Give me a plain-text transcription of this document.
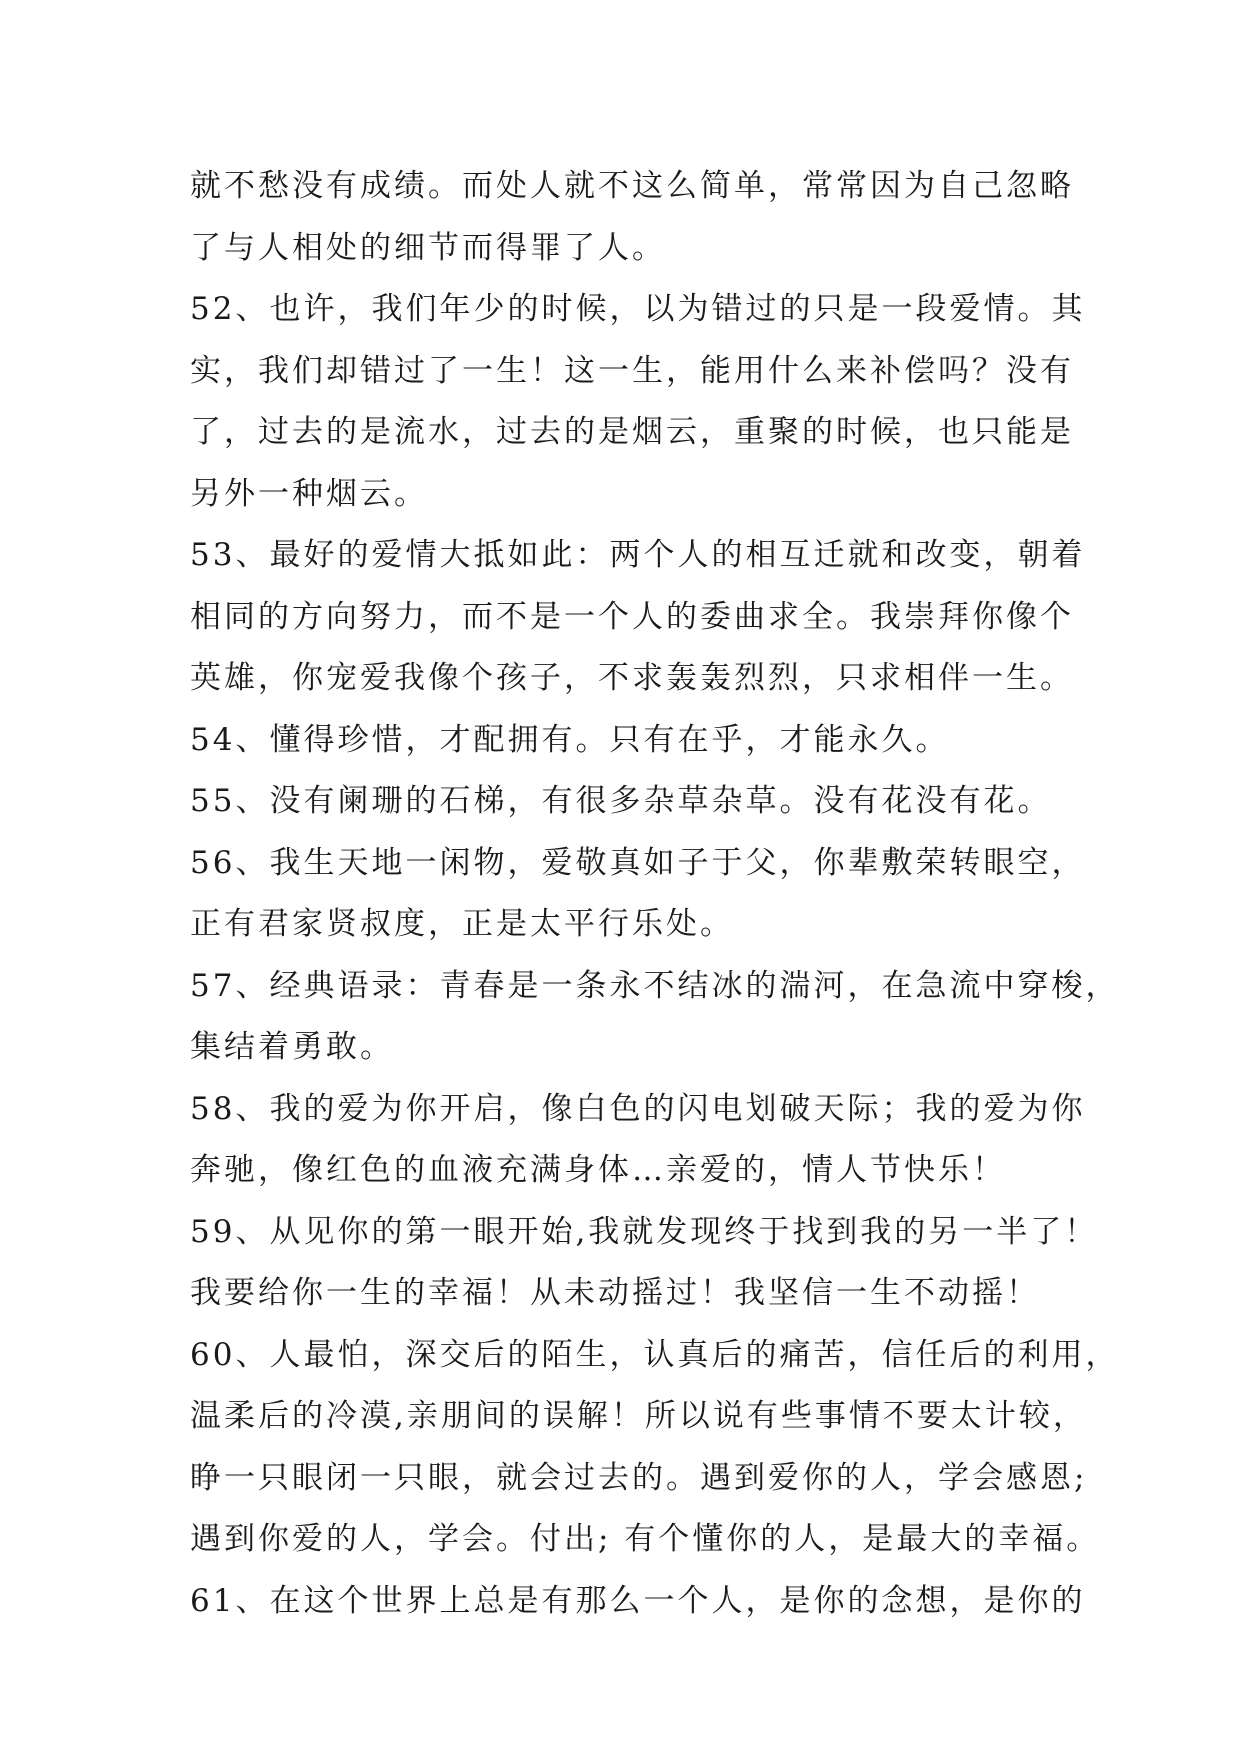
就不愁没有成绩。而处人就不这么简单，常常因为自己忽略
了与人相处的细节而得罪了人。
52、也许，我们年少的时候，以为错过的只是一段爱情。其
实，我们却错过了一生！这一生，能用什么来补偿吗？没有
了，过去的是流水，过去的是烟云，重聚的时候，也只能是
另外一种烟云。
53、最好的爱情大抵如此：两个人的相互迁就和改变，朝着
相同的方向努力，而不是一个人的委曲求全。我崇拜你像个
英雄，你宠爱我像个孩子，不求轰轰烈烈，只求相伴一生。
54、懂得珍惜，才配拥有。只有在乎，才能永久。
55、没有阑珊的石梯，有很多杂草杂草。没有花没有花。
56、我生天地一闲物，爱敬真如子于父，你辈敷荣转眼空，
正有君家贤叔度，正是太平行乐处。
57、经典语录：青春是一条永不结冰的湍河，在急流中穿梭，
集结着勇敢。
58、我的爱为你开启，像白色的闪电划破天际；我的爱为你
奔驰，像红色的血液充满身体…亲爱的，情人节快乐！
59、从见你的第一眼开始,我就发现终于找到我的另一半了！
我要给你一生的幸福！从未动摇过！我坚信一生不动摇！
60、人最怕，深交后的陌生，认真后的痛苦，信任后的利用，
温柔后的冷漠,亲朋间的误解！所以说有些事情不要太计较，
睁一只眼闭一只眼，就会过去的。遇到爱你的人，学会感恩;
遇到你爱的人，学会。付出; 有个懂你的人，是最大的幸福。
61、在这个世界上总是有那么一个人，是你的念想，是你的
